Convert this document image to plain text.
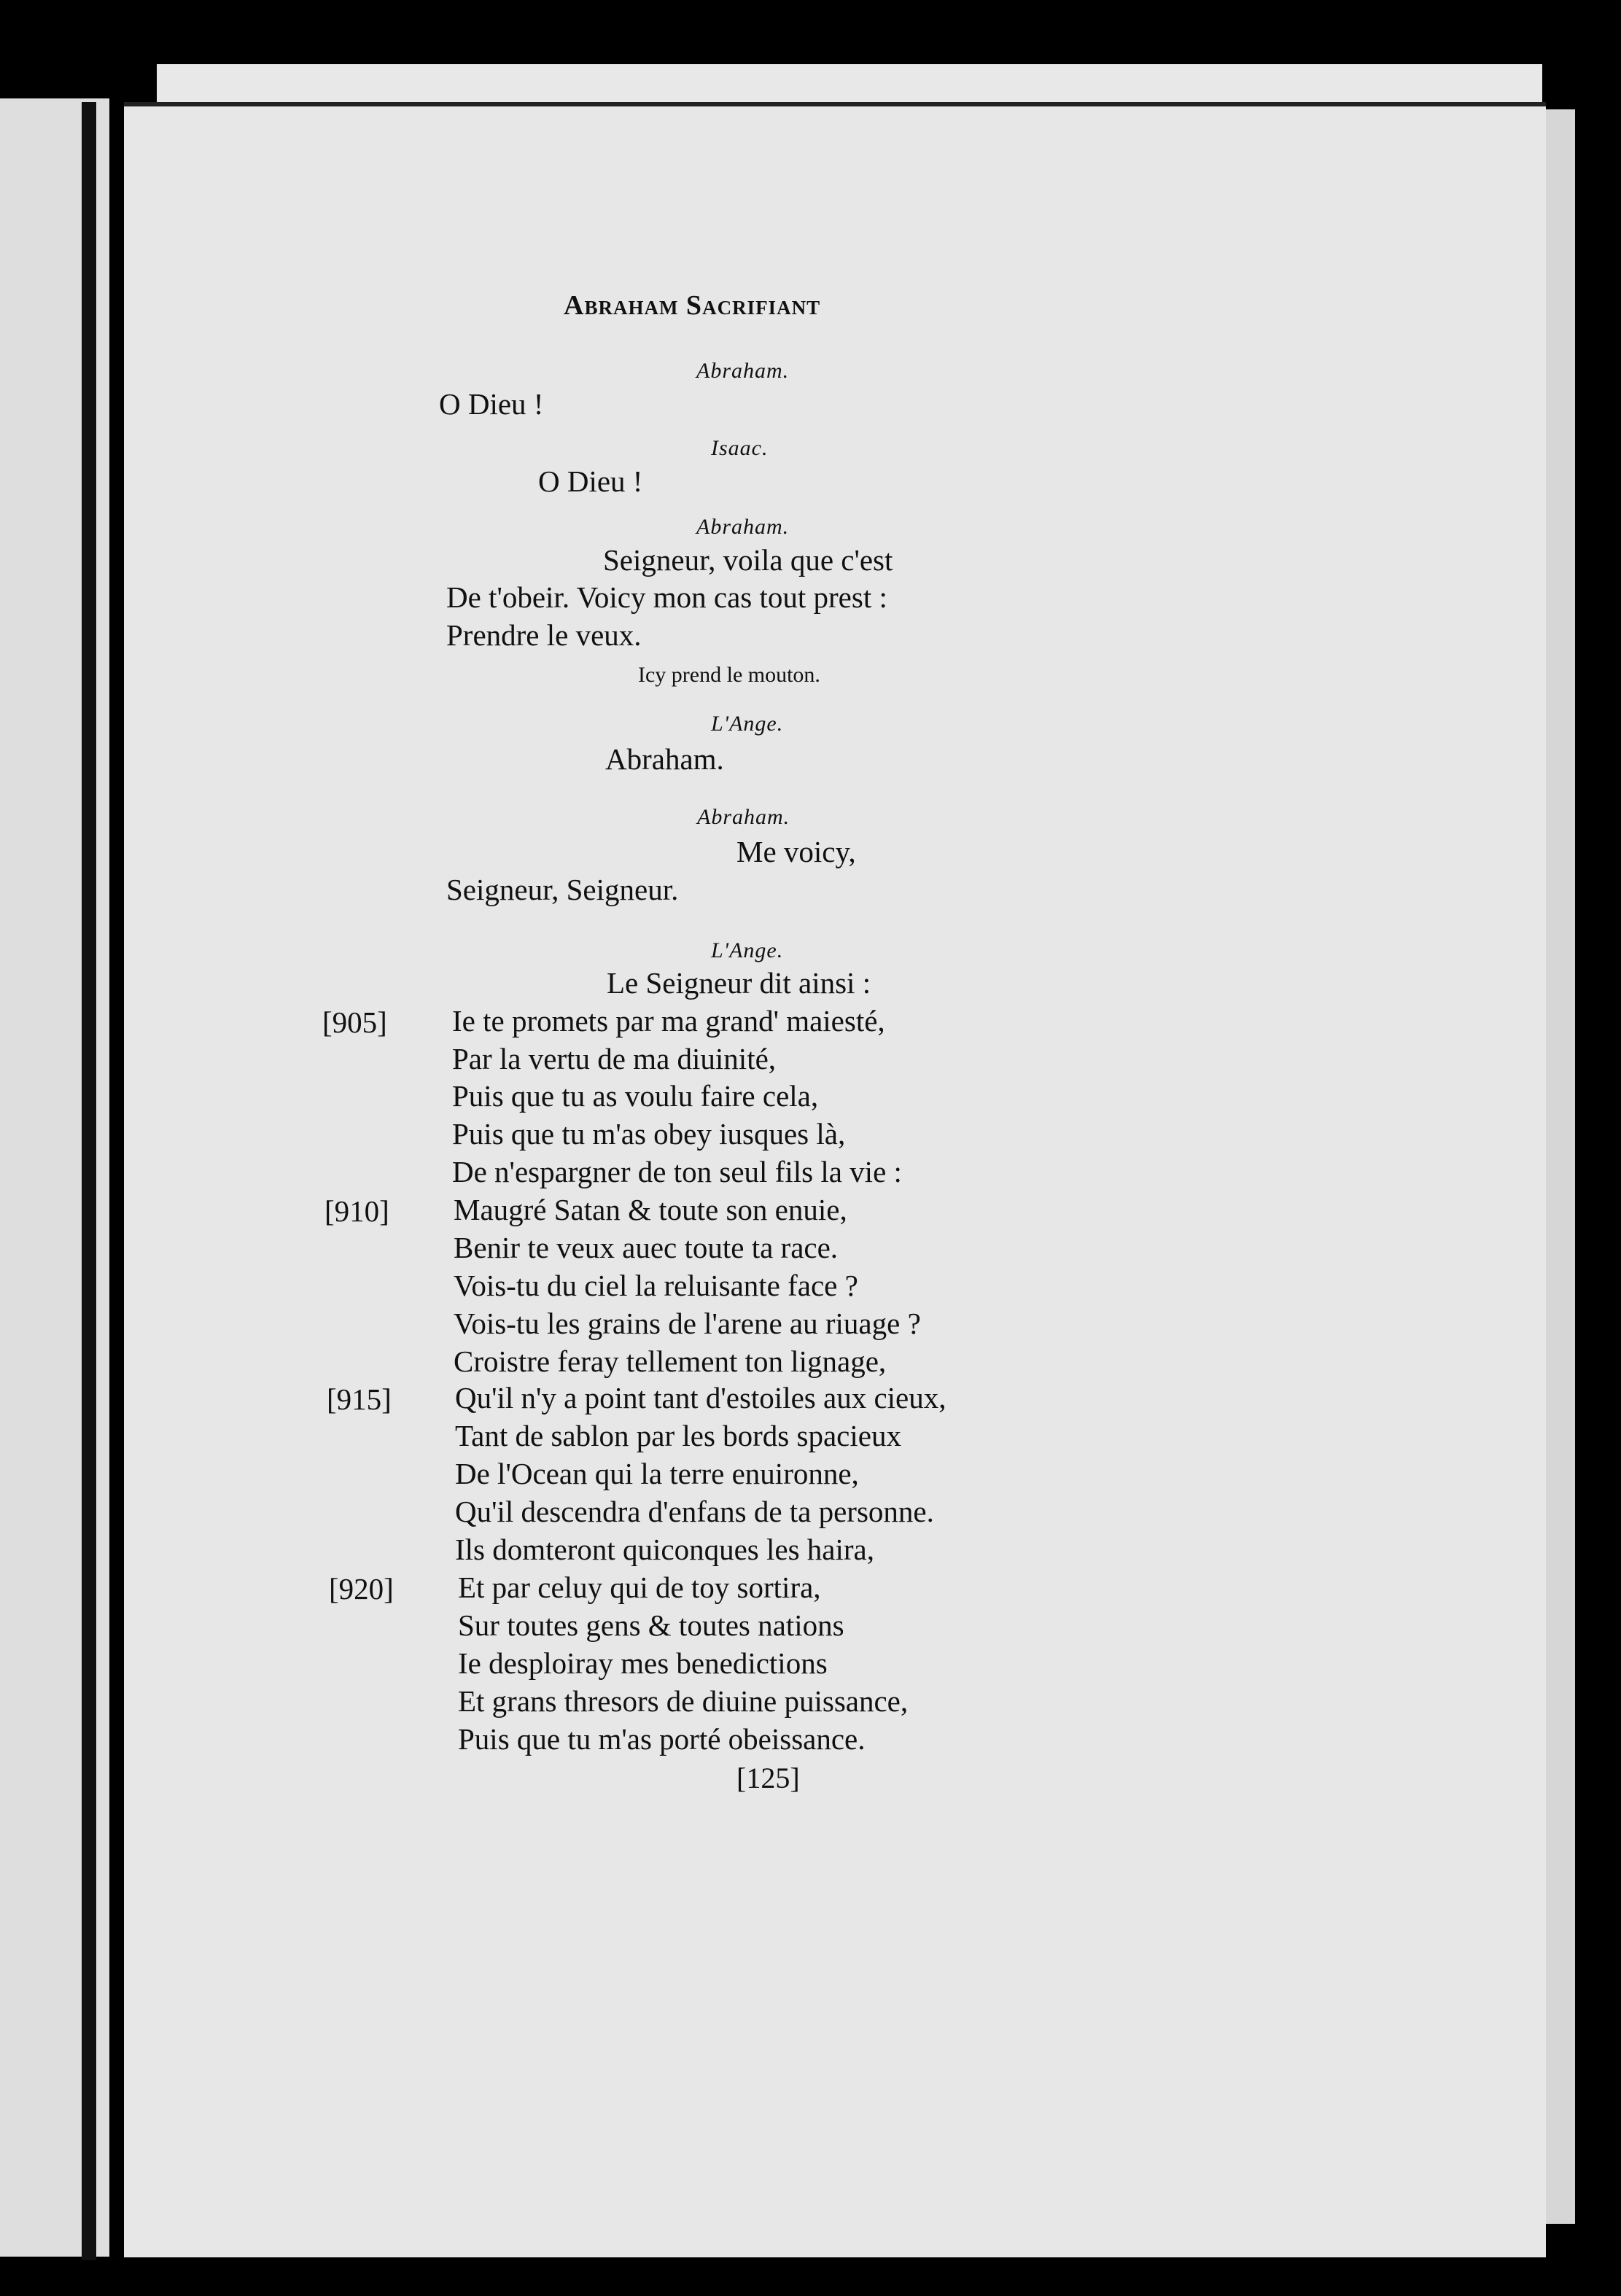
Abraham Sacrifiant

Abraham.

O Dieu !

Isaac.

O Dieu !

Abraham.

Seigneur, voila que c'est

De t'obeir. Voicy mon cas tout prest :

Prendre le veux.

Icy prend le mouton.

L'Ange.

Abraham.

Abraham.

Me voicy,

Seigneur, Seigneur.

L'Ange.

Le Seigneur dit ainsi :

[905] Ie te promets par ma grand' maiesté,

Par la vertu de ma diuinité,

Puis que tu as voulu faire cela,

Puis que tu m'as obey iusques là,

De n'espargner de ton seul fils la vie :

[910] Maugré Satan & toute son enuie,

Benir te veux auec toute ta race.

Vois-tu du ciel la reluisante face ?

Vois-tu les grains de l'arene au riuage ?

Croistre feray tellement ton lignage,

[915] Qu'il n'y a point tant d'estoiles aux cieux,

Tant de sablon par les bords spacieux

De l'Ocean qui la terre enuironne,

Qu'il descendra d'enfans de ta personne.

Ils domteront quiconques les haira,

[920] Et par celuy qui de toy sortira,

Sur toutes gens & toutes nations

Ie desploiray mes benedictions

Et grans thresors de diuine puissance,

Puis que tu m'as porté obeissance.

[125]
